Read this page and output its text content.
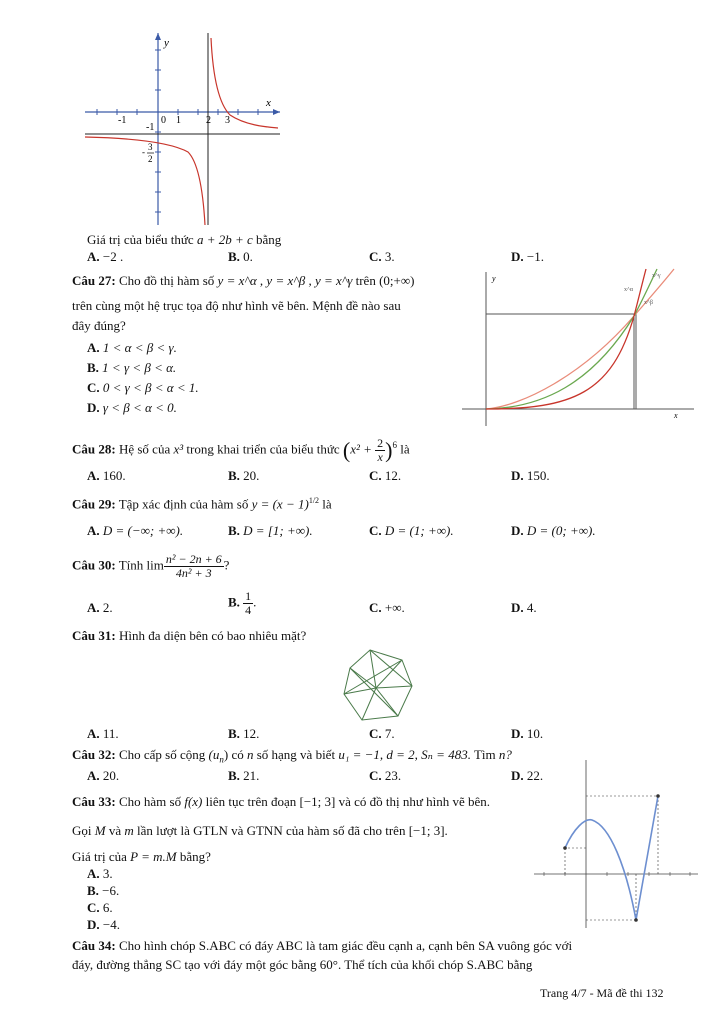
y
x
-1	0 1	2 3
-1
- 3
2
Giá trị của biểu thức a + 2b + c bằng
A. −2 .	B. 0.	C. 3.	D. −1.
Câu 27: Cho đồ thị hàm số y = x^α , y = x^β , y = x^γ trên (0;+∞)
trên cùng một hệ trục tọa độ như hình vẽ bên. Mệnh đề nào sau
đây đúng?
A. 1 < α < β < γ.
B. 1 < γ < β < α.
C. 0 < γ < β < α < 1.
D. γ < β < α < 0.
y
x
x^γ
x^α
x^β
Câu 28: Hệ số của x³ trong khai triển của biểu thức $(x^2 + \frac{2}{x} )^6$ là
A. 160.	B. 20.	C. 12.	D. 150.
Câu 29: Tập xác định của hàm số $y = (x - 1)^{1/2}$ là
A. D = (−∞; +∞).	B. D = [1; +∞).	C. D = (1; +∞).	D. D = (0; +∞).
Câu 30: Tính $\lim \frac{\text{n² − 2n + 6}}{\text{4n² + 3}}$ ?
A. 2.	B. $\frac{1}{4}$ .	C. +∞.	D. 4.
Câu 31: Hình đa diện bên có bao nhiêu mặt?
A. 11.	B. 12.	C. 7.	D. 10.
Câu 32: Cho cấp số cộng $(u_n)$ có n số hạng và biết u₁ = −1, d = 2, Sₙ = 483. Tìm n?
A. 20.	B. 21.	C. 23.	D. 22.
Câu 33: Cho hàm số f(x) liên tục trên đoạn [−1; 3] và có đồ thị như hình vẽ bên.
Gọi M và m lần lượt là GTLN và GTNN của hàm số đã cho trên [−1; 3].
Giá trị của P = m.M bằng?
A. 3.
B. −6.
C. 6.
D. −4.
Câu 34: Cho hình chóp S.ABC có đáy ABC là tam giác đều cạnh a, cạnh bên SA vuông góc với
đáy, đường thẳng SC tạo với đáy một góc bằng 60°. Thể tích của khối chóp S.ABC bằng
Trang 4/7 - Mã đề thi 132
